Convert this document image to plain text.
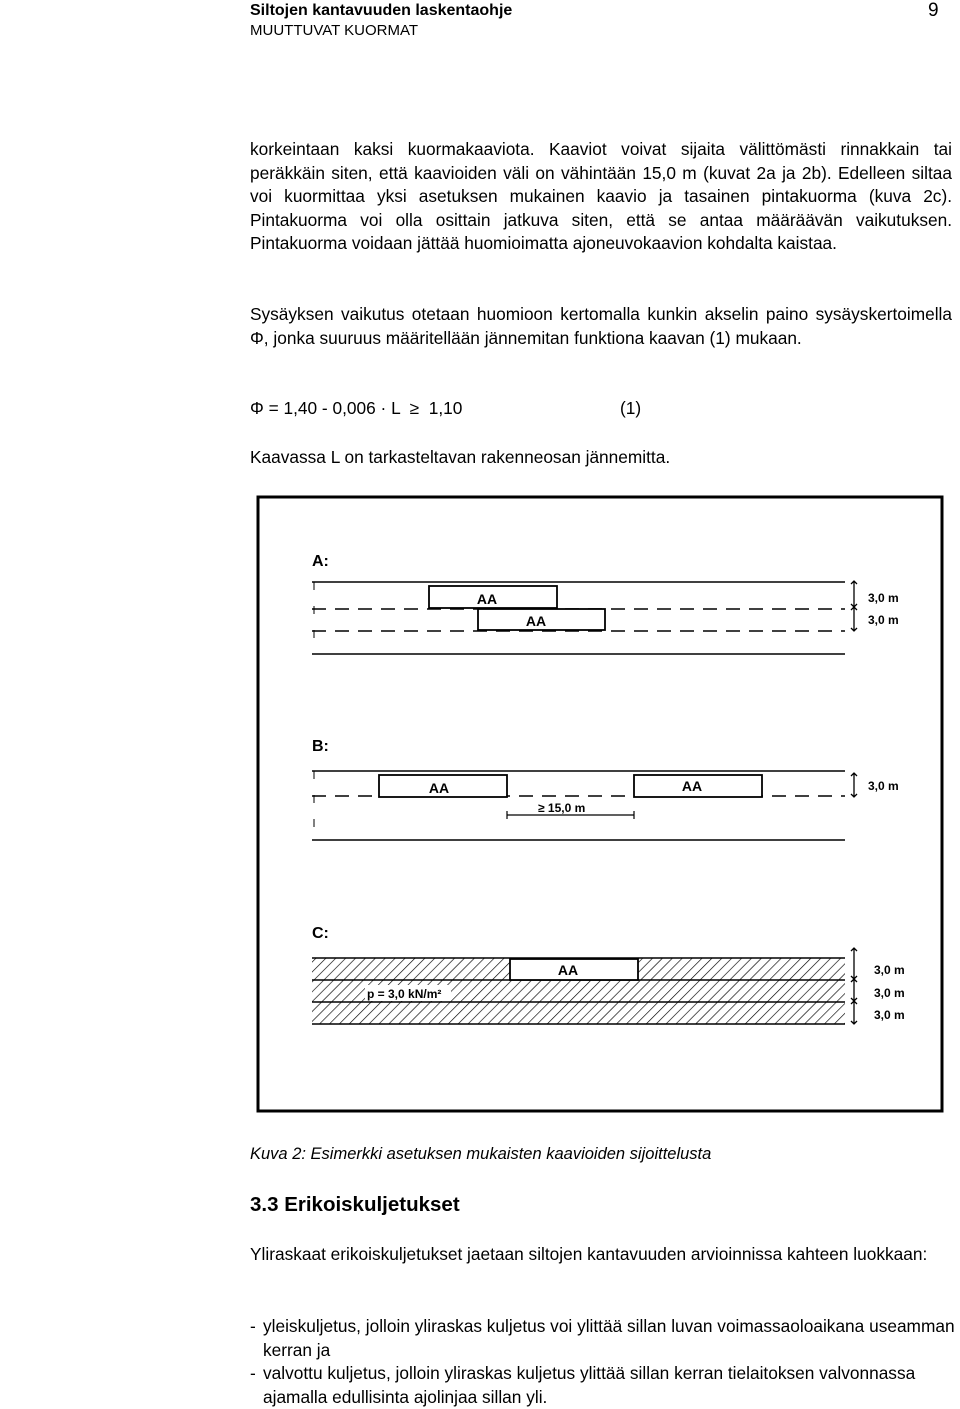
Siltojen kantavuuden laskentaohje
MUUTTUVAT KUORMAT
9
korkeintaan kaksi kuormakaaviota. Kaaviot voivat sijaita välittömästi rinnakkain tai peräkkäin siten, että kaavioiden väli on vähintään 15,0 m (kuvat 2a ja 2b). Edelleen siltaa voi kuormittaa yksi asetuksen mukainen kaavio ja tasainen pintakuorma (kuva 2c). Pintakuorma voi olla osittain jatkuva siten, että se antaa määräävän vaikutuksen. Pintakuorma voidaan jättää huomioimatta ajoneuvokaavion kohdalta kaistaa.
Sysäyksen vaikutus otetaan huomioon kertomalla kunkin akselin paino sysäyskertoimella Φ, jonka suuruus määritellään jännemitan funktiona kaavan (1) mukaan.
Φ = 1,40 - 0,006 · L  ≥  1,10	(1)
Kaavassa L on tarkasteltavan rakenneosan jännemitta.
A:
AA
AA
3,0 m
3,0 m
B:
AA	AA
≥ 15,0 m
3,0 m
C:
AA
p = 3,0 kN/m²
3,0 m
3,0 m
3,0 m
Kuva 2: Esimerkki asetuksen mukaisten kaavioiden sijoittelusta
3.3 Erikoiskuljetukset
Yliraskaat erikoiskuljetukset jaetaan siltojen kantavuuden arvioinnissa kahteen luokkaan:
- yleiskuljetus, jolloin yliraskas kuljetus voi ylittää sillan luvan voimassaoloaikana useamman kerran ja
- valvottu kuljetus, jolloin yliraskas kuljetus ylittää sillan kerran tielaitoksen valvonnassa ajamalla edullisinta ajolinjaa sillan yli.
